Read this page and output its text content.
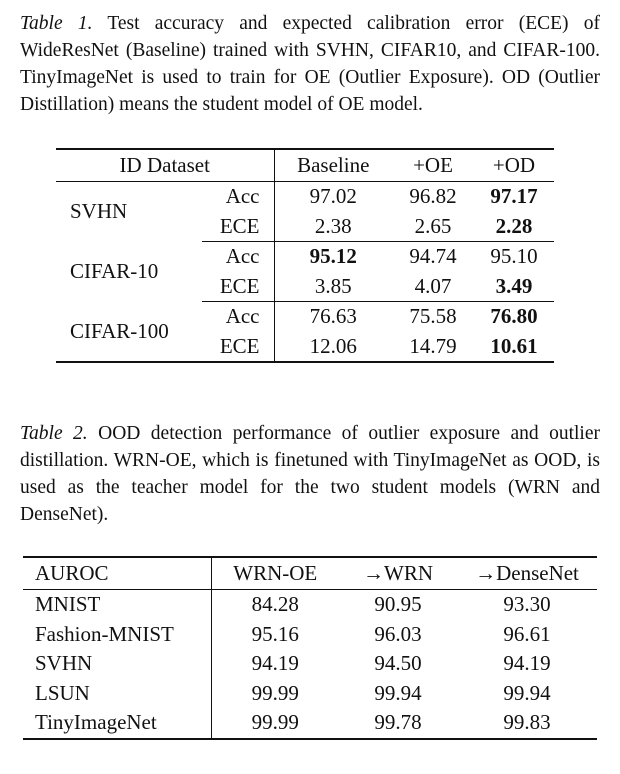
Table 1. Test accuracy and expected calibration error (ECE) of WideResNet (Baseline) trained with SVHN, CIFAR10, and CIFAR-100. TinyImageNet is used to train for OE (Outlier Exposure). OD (Outlier Distillation) means the student model of OE model.
ID Dataset		Baseline	+OE	+OD
SVHN	Acc	97.02	96.82	97.17
	ECE	2.38	2.65	2.28
CIFAR-10	Acc	95.12	94.74	95.10
	ECE	3.85	4.07	3.49
CIFAR-100	Acc	76.63	75.58	76.80
	ECE	12.06	14.79	10.61
Table 2. OOD detection performance of outlier exposure and outlier distillation. WRN-OE, which is finetuned with TinyImageNet as OOD, is used as the teacher model for the two student models (WRN and DenseNet).
AUROC	WRN-OE	→WRN	→DenseNet
MNIST	84.28	90.95	93.30
Fashion-MNIST	95.16	96.03	96.61
SVHN	94.19	94.50	94.19
LSUN	99.99	99.94	99.94
TinyImageNet	99.99	99.78	99.83
